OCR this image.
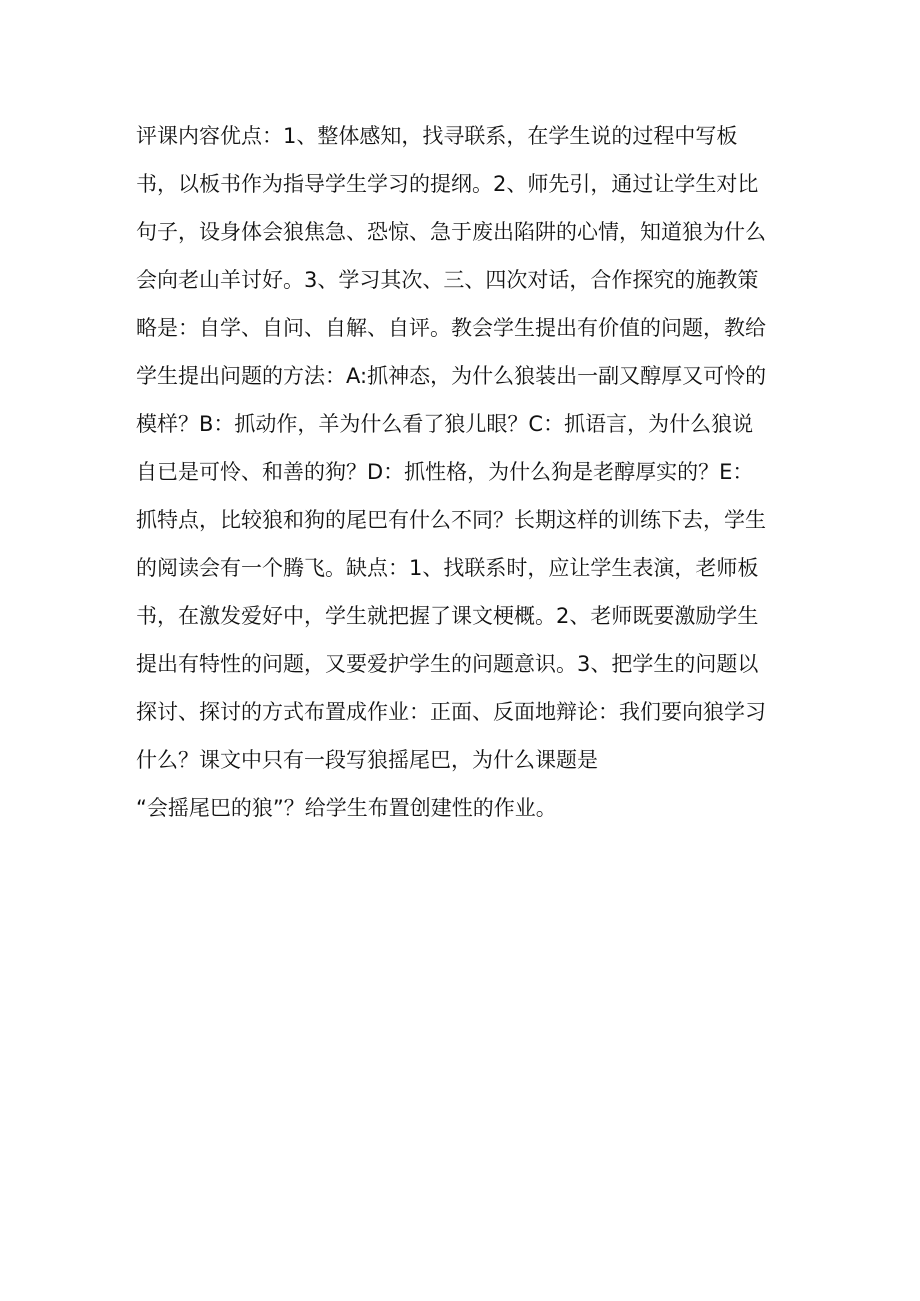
评课内容优点：1、整体感知，找寻联系，在学生说的过程中写板
书，以板书作为指导学生学习的提纲。2、师先引，通过让学生对比
句子，设身体会狼焦急、恐惊、急于废出陷阱的心情，知道狼为什么
会向老山羊讨好。3、学习其次、三、四次对话，合作探究的施教策
略是：自学、自问、自解、自评。教会学生提出有价值的问题，教给
学生提出问题的方法：A:抓神态，为什么狼装出一副又醇厚又可怜的
模样？B：抓动作，羊为什么看了狼儿眼？C：抓语言，为什么狼说
自已是可怜、和善的狗？D：抓性格，为什么狗是老醇厚实的？E：
抓特点，比较狼和狗的尾巴有什么不同？长期这样的训练下去，学生
的阅读会有一个腾飞。缺点：1、找联系时，应让学生表演，老师板
书，在激发爱好中，学生就把握了课文梗概。2、老师既要激励学生
提出有特性的问题，又要爱护学生的问题意识。3、把学生的问题以
探讨、探讨的方式布置成作业：正面、反面地辩论：我们要向狼学习
什么？课文中只有一段写狼摇尾巴，为什么课题是
“会摇尾巴的狼”？给学生布置创建性的作业。
